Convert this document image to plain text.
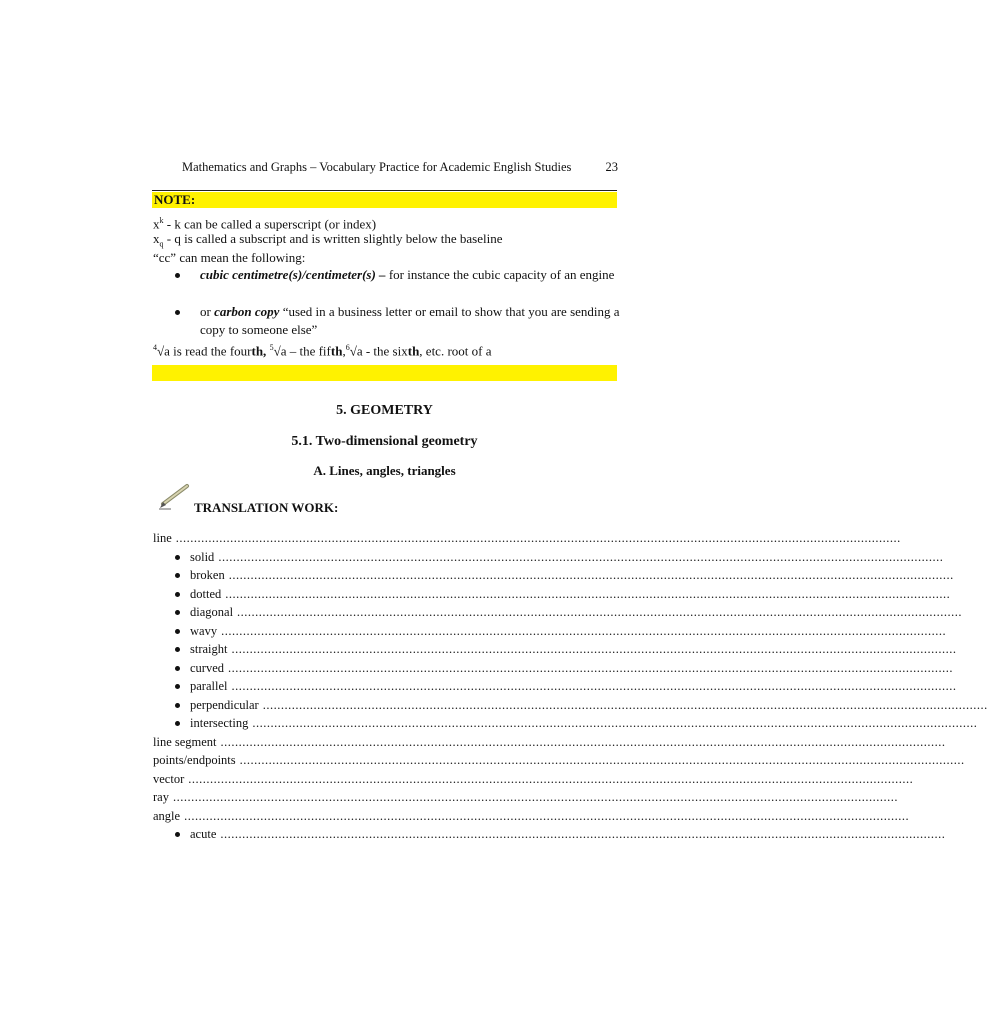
Mathematics and Graphs – Vocabulary Practice for Academic English Studies	23
NOTE:
$x^k$ - k can be called a superscript (or index)
$x_q$ - q is called a subscript and is written slightly below the baseline
“cc” can mean the following:
cubic centimetre(s)/centimeter(s) – for instance the cubic capacity of an engine
or carbon copy “used in a business letter or email to show that you are sending a copy to someone else”
$^4$√a is read the fourth, $^5$√a – the fifth,$^6$√a - the sixth, etc. root of a
5. GEOMETRY
5.1. Two-dimensional geometry
A. Lines, angles, triangles
TRANSLATION WORK:
line ........................................................................................................................................................................................................
solid ........................................................................................................................................................................................................
broken ........................................................................................................................................................................................................
dotted ........................................................................................................................................................................................................
diagonal ........................................................................................................................................................................................................
wavy ........................................................................................................................................................................................................
straight ........................................................................................................................................................................................................
curved ........................................................................................................................................................................................................
parallel ........................................................................................................................................................................................................
perpendicular ........................................................................................................................................................................................................
intersecting ........................................................................................................................................................................................................
line segment ........................................................................................................................................................................................................
points/endpoints ........................................................................................................................................................................................................
vector ........................................................................................................................................................................................................
ray ........................................................................................................................................................................................................
angle ........................................................................................................................................................................................................
acute ........................................................................................................................................................................................................
